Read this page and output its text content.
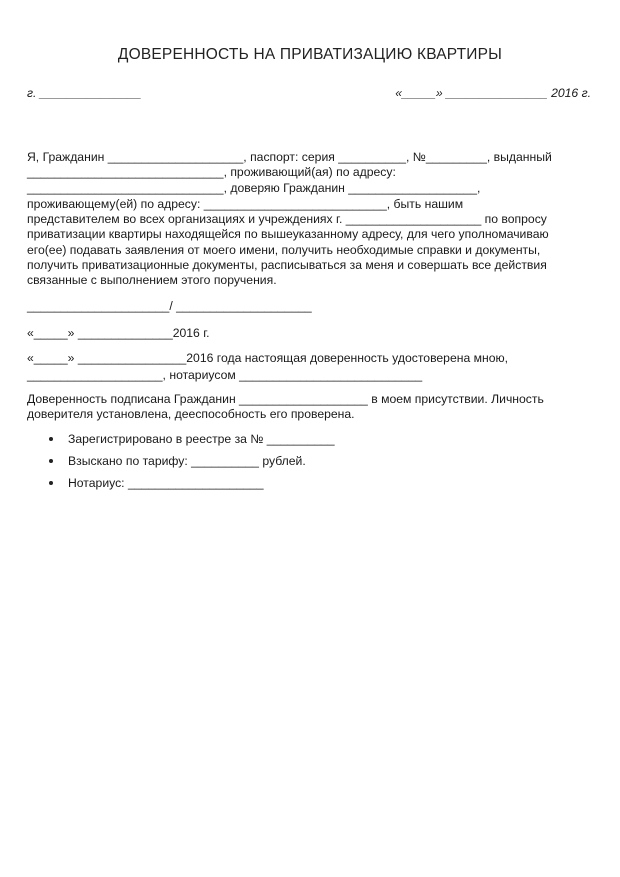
ДОВЕРЕННОСТЬ НА ПРИВАТИЗАЦИЮ КВАРТИРЫ
г. _______________	«_____» _______________ 2016 г.
Я, Гражданин ____________________, паспорт: серия __________, №_________, выданный
_____________________________, проживающий(ая) по адресу:
_____________________________, доверяю Гражданин ___________________,
проживающему(ей) по адресу: ___________________________, быть нашим
представителем во всех организациях и учреждениях г. ____________________ по вопросу
приватизации квартиры находящейся по вышеуказанному адресу, для чего уполномачиваю
его(ее) подавать заявления от моего имени, получить необходимые справки и документы,
получить приватизационные документы, расписываться за меня и совершать все действия
связанные с выполнением этого поручения.
_____________________/ ____________________
«_____» ______________2016 г.
«_____» ________________2016 года настоящая доверенность удостоверена мною,
____________________, нотариусом ___________________________
Доверенность подписана Гражданин ___________________ в моем присутствии. Личность
доверителя установлена, дееспособность его проверена.
Зарегистрировано в реестре за № __________
Взыскано по тарифу: __________ рублей.
Нотариус: ____________________
